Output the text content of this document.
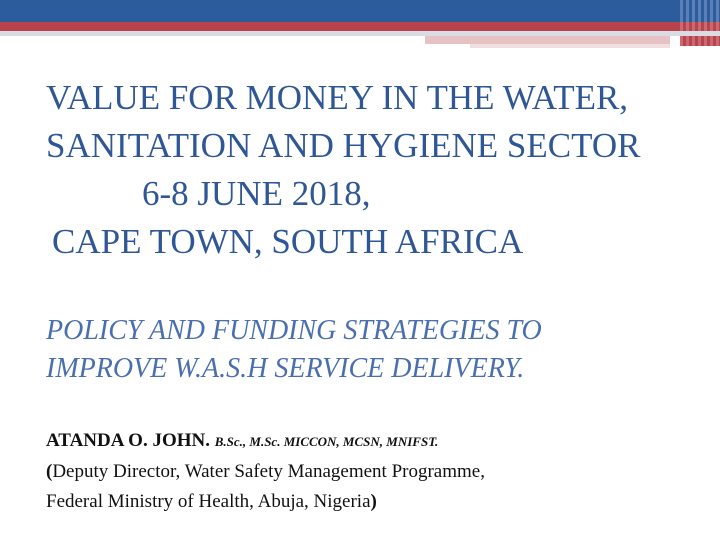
VALUE FOR MONEY IN THE WATER,
SANITATION AND HYGIENE SECTOR
6-8 JUNE 2018,
CAPE TOWN, SOUTH AFRICA
POLICY AND FUNDING STRATEGIES TO
IMPROVE W.A.S.H SERVICE DELIVERY.
ATANDA O. JOHN. B.Sc., M.Sc. MICCON, MCSN, MNIFST.
(Deputy Director, Water Safety Management Programme,
Federal Ministry of Health, Abuja, Nigeria)
